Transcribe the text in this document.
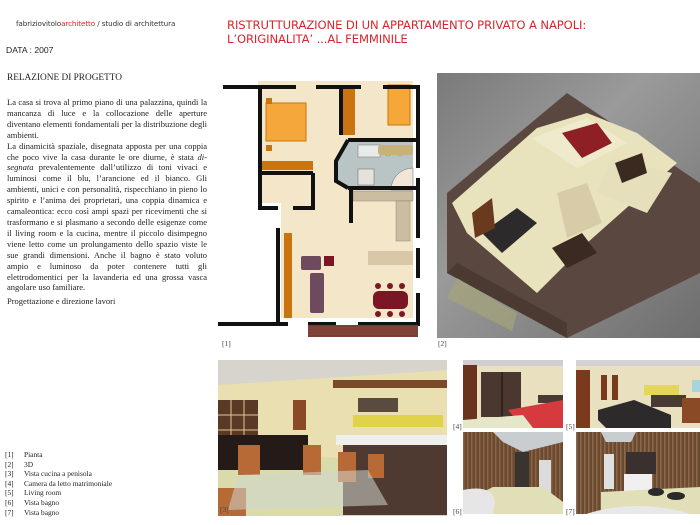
fabriziovitoloarchitetto / studio di architettura
DATA : 2007
RISTRUTTURAZIONE DI UN APPARTAMENTO PRIVATO A NAPOLI:
L’ORIGINALITA’ ...AL FEMMINILE
RELAZIONE DI PROGETTO

La casa si trova al primo piano di una palazzina, quindi la mancanza di luce e la collocazione delle aperture diventano elementi fondamentali per la distribuzione degli ambienti.

La dinamicità spaziale, disegnata apposta per una coppia che poco vive la casa durante le ore diurne, è stata di-segnata prevalentemente dall’utilizzo di toni vivaci e luminosi come il blu, l’arancione ed il bianco. Gli ambienti, unici e con personalità, rispecchiano in pieno lo spirito e l’anima dei proprietari, una coppia dinamica e camaleontica: ecco così ampi spazi per ricevimenti che si trasformano e si plasmano a secondo delle esigenze come il living room e la cucina, mentre il piccolo disimpegno viene letto come un prolungamento dello spazio viste le sue grandi dimensioni. Anche il bagno è stato voluto ampio e luminoso da poter contenere tutti gli elettrodomentici per la lavanderia ed una grossa vasca angolare uso familiare.

Progettazione e direzione lavori
[1]	Pianta
[2]	3D
[3]	Vista cucina a penisola
[4]	Camera da letto matrimoniale
[5]	Living room
[6]	Vista bagno
[7]	Vista bagno
[1]	[2]
[3]
[4]	[5]
[6]	[7]
